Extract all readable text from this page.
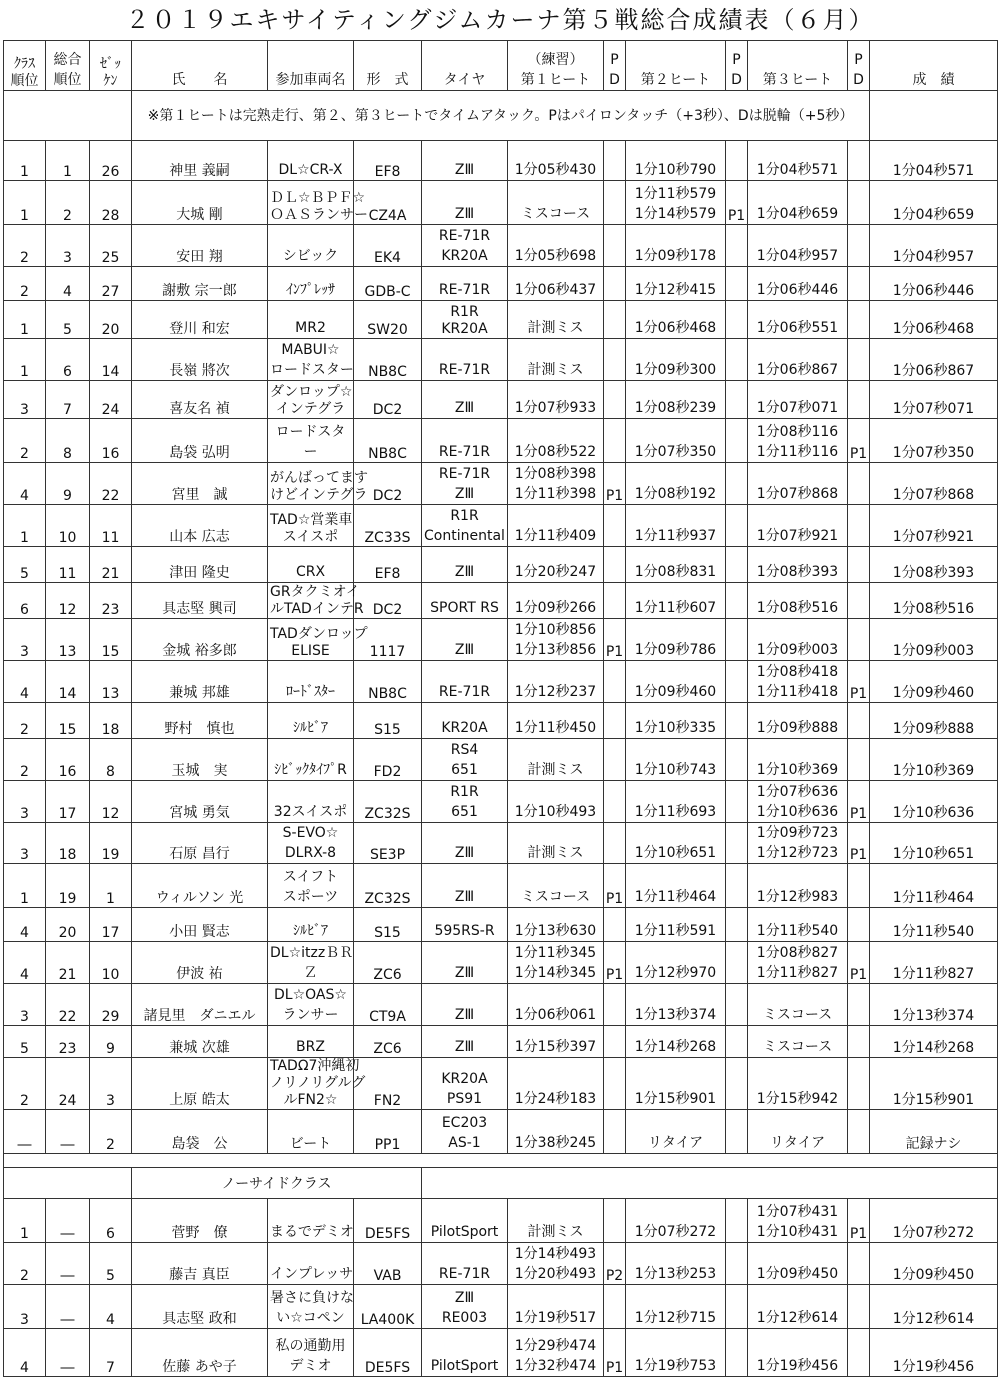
２０１９エキサイティングジムカーナ第５戦総合成績表（６月）
ｸﾗｽ
順位	総合
順位	ｾﾞｯ
ｹﾝ	氏　　名	参加車両名	形　式	タイヤ	（練習）
第１ヒート	P
D	第２ヒート	P
D	第３ヒート	P
D	成　績
			※第１ヒートは完熟走行、第２、第３ヒートでタイムアタック。Pはパイロンタッチ（+3秒）、Dは脱輪（+5秒）										
1	1	26	神里 義嗣	DL☆CR-X	EF8	ZⅢ	1分05秒430		1分10秒790		1分04秒571		1分04秒571
1	2	28	大城 剛	ＤＬ☆ＢＰＦ☆
ＯＡＳランサー	CZ4A	ZⅢ	ミスコース		1分11秒579
1分14秒579	P1	1分04秒659		1分04秒659
2	3	25	安田 翔	シビック	EK4	RE-71R
KR20A	1分05秒698		1分09秒178		1分04秒957		1分04秒957
2	4	27	謝敷 宗一郎	ｲﾝﾌﾟﾚｯｻ	GDB-C	RE-71R	1分06秒437		1分12秒415		1分06秒446		1分06秒446
1	5	20	登川 和宏	MR2	SW20	R1R
KR20A	計測ミス		1分06秒468		1分06秒551		1分06秒468
1	6	14	長嶺 將次	MABUI☆
ロードスター	NB8C	RE-71R	計測ミス		1分09秒300		1分06秒867		1分06秒867
3	7	24	喜友名 禎	ダンロップ☆
インテグラ	DC2	ZⅢ	1分07秒933		1分08秒239		1分07秒071		1分07秒071
2	8	16	島袋 弘明	ロードスタ
ー	NB8C	RE-71R	1分08秒522		1分07秒350		1分08秒116
1分11秒116	P1	1分07秒350
4	9	22	宮里　誠	がんばってます
けどインテグラ	DC2	RE-71R
ZⅢ	1分08秒398
1分11秒398	P1	1分08秒192		1分07秒868		1分07秒868
1	10	11	山本 広志	TAD☆営業車
スイスポ	ZC33S	R1R
Continental	1分11秒409		1分11秒937		1分07秒921		1分07秒921
5	11	21	津田 隆史	CRX	EF8	ZⅢ	1分20秒247		1分08秒831		1分08秒393		1分08秒393
6	12	23	具志堅 興司	GRタクミオイ
ルTADインテR	DC2	SPORT RS	1分09秒266		1分11秒607		1分08秒516		1分08秒516
3	13	15	金城 裕多郎	TADダンロップ
ELISE	1117	ZⅢ	1分10秒856
1分13秒856	P1	1分09秒786		1分09秒003		1分09秒003
4	14	13	兼城 邦雄	ﾛｰﾄﾞｽﾀｰ	NB8C	RE-71R	1分12秒237		1分09秒460		1分08秒418
1分11秒418	P1	1分09秒460
2	15	18	野村　慎也	ｼﾙﾋﾞｱ	S15	KR20A	1分11秒450		1分10秒335		1分09秒888		1分09秒888
2	16	8	玉城　実	ｼﾋﾞｯｸﾀｲﾌﾟR	FD2	RS4
651	計測ミス		1分10秒743		1分10秒369		1分10秒369
3	17	12	宮城 勇気	32スイスポ	ZC32S	R1R
651	1分10秒493		1分11秒693		1分07秒636
1分10秒636	P1	1分10秒636
3	18	19	石原 昌行	S-EVO☆
DLRX-8	SE3P	ZⅢ	計測ミス		1分10秒651		1分09秒723
1分12秒723	P1	1分10秒651
1	19	1	ウィルソン 光	スイフト
スポーツ	ZC32S	ZⅢ	ミスコース	P1	1分11秒464		1分12秒983		1分11秒464
4	20	17	小田 賢志	ｼﾙﾋﾞｱ	S15	595RS-R	1分13秒630		1分11秒591		1分11秒540		1分11秒540
4	21	10	伊波 祐	DL☆itzzＢＲ
Ｚ	ZC6	ZⅢ	1分11秒345
1分14秒345	P1	1分12秒970		1分08秒827
1分11秒827	P1	1分11秒827
3	22	29	諸見里　ダニエル	DL☆OAS☆
ランサー	CT9A	ZⅢ	1分06秒061		1分13秒374		ミスコース		1分13秒374
5	23	9	兼城 次雄	BRZ	ZC6	ZⅢ	1分15秒397		1分14秒268		ミスコース		1分14秒268
2	24	3	上原 皓太	TADΩ7沖縄初
ノリノリグルグ
ルFN2☆	FN2	KR20A
PS91	1分24秒183		1分15秒901		1分15秒942		1分15秒901
―	―	2	島袋　公	ビート	PP1	EC203
AS-1	1分38秒245		リタイア		リタイア		記録ナシ

			ノーサイドクラス										
1	―	6	菅野　僚	まるでデミオ	DE5FS	PilotSport	計測ミス		1分07秒272		1分07秒431
1分10秒431	P1	1分07秒272
2	―	5	藤吉 真臣	インプレッサ	VAB	RE-71R	1分14秒493
1分20秒493	P2	1分13秒253		1分09秒450		1分09秒450
3	―	4	具志堅 政和	暑さに負けな
い☆コペン	LA400K	ZⅢ
RE003	1分19秒517		1分12秒715		1分12秒614		1分12秒614
4	―	7	佐藤 あや子	私の通勤用
デミオ	DE5FS	PilotSport	1分29秒474
1分32秒474	P1	1分19秒753		1分19秒456		1分19秒456
